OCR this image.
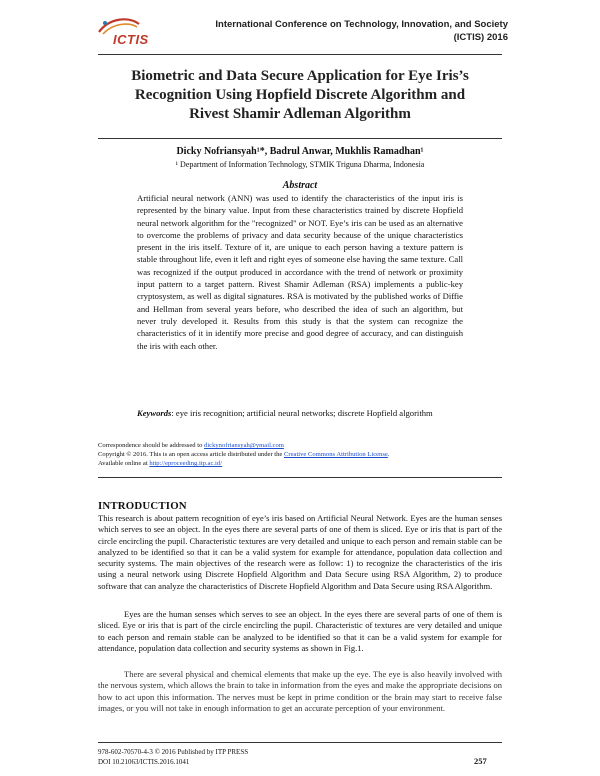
ICTIS
International Conference on Technology, Innovation, and Society
(ICTIS) 2016
Biometric and Data Secure Application for Eye Iris’s
Recognition Using Hopfield Discrete Algorithm and
Rivest Shamir Adleman Algorithm
Dicky Nofriansyah¹*, Badrul Anwar, Mukhlis Ramadhan¹
¹ Department of Information Technology, STMIK Triguna Dharma, Indonesia
Abstract
Artificial neural network (ANN) was used to identify the characteristics of the input iris is represented by the binary value. Input from these characteristics trained by discrete Hopfield neural network algorithm for the "recognized" or NOT. Eye’s iris can be used as an alternative to overcome the problems of privacy and data security because of the unique characteristics present in the iris itself. Texture of it, are unique to each person having a texture pattern is stable throughout life, even it left and right eyes of someone else having the same texture. Call was recognized if the output produced in accordance with the trend of network or proximity input pattern to a target pattern. Rivest Shamir Adleman (RSA) implements a public-key cryptosystem, as well as digital signatures. RSA is motivated by the published works of Diffie and Hellman from several years before, who described the idea of such an algorithm, but never truly developed it. Results from this study is that the system can recognize the characteristics of it in identify more precise and good degree of accuracy, and can distinguish the iris with each other.
Keywords: eye iris recognition; artificial neural networks; discrete Hopfield algorithm
Correspondence should be addressed to dickynofriansyah@ymail.com
Copyright © 2016. This is an open access article distributed under the Creative Commons Attribution License.
Available online at http://eproceeding.itp.ac.id/
INTRODUCTION
This research is about pattern recognition of eye’s iris based on Artificial Neural Network. Eyes are the human senses which serves to see an object. In the eyes there are several parts of one of them is sliced. Eye or iris that is part of the circle encircling the pupil. Characteristic textures are very detailed and unique to each person and remain stable can be analyzed to be identified so that it can be a valid system for example for attendance, population data collection and security systems. The main objectives of the research were as follow: 1) to recognize the characteristics of the iris using a neural network using Discrete Hopfield Algorithm and Data Secure using RSA Algorithm, 2) to produce software that can analyze the characteristics of Discrete Hopfield Algorithm and Data Secure using RSA Algorithm.
Eyes are the human senses which serves to see an object. In the eyes there are several parts of one of them is sliced. Eye or iris that is part of the circle encircling the pupil. Characteristic of textures are very detailed and unique to each person and remain stable can be analyzed to be identified so that it can be a valid system for example for attendance, population data collection and security systems as shown in Fig.1.
There are several physical and chemical elements that make up the eye. The eye is also heavily involved with the nervous system, which allows the brain to take in information from the eyes and make the appropriate decisions on how to act upon this information. The nerves must be kept in prime condition or the brain may start to receive false images, or you will not take in enough information to get an accurate perception of your environment.
978-602-70570-4-3 © 2016 Published by ITP PRESS
DOI 10.21063/ICTIS.2016.1041	257
